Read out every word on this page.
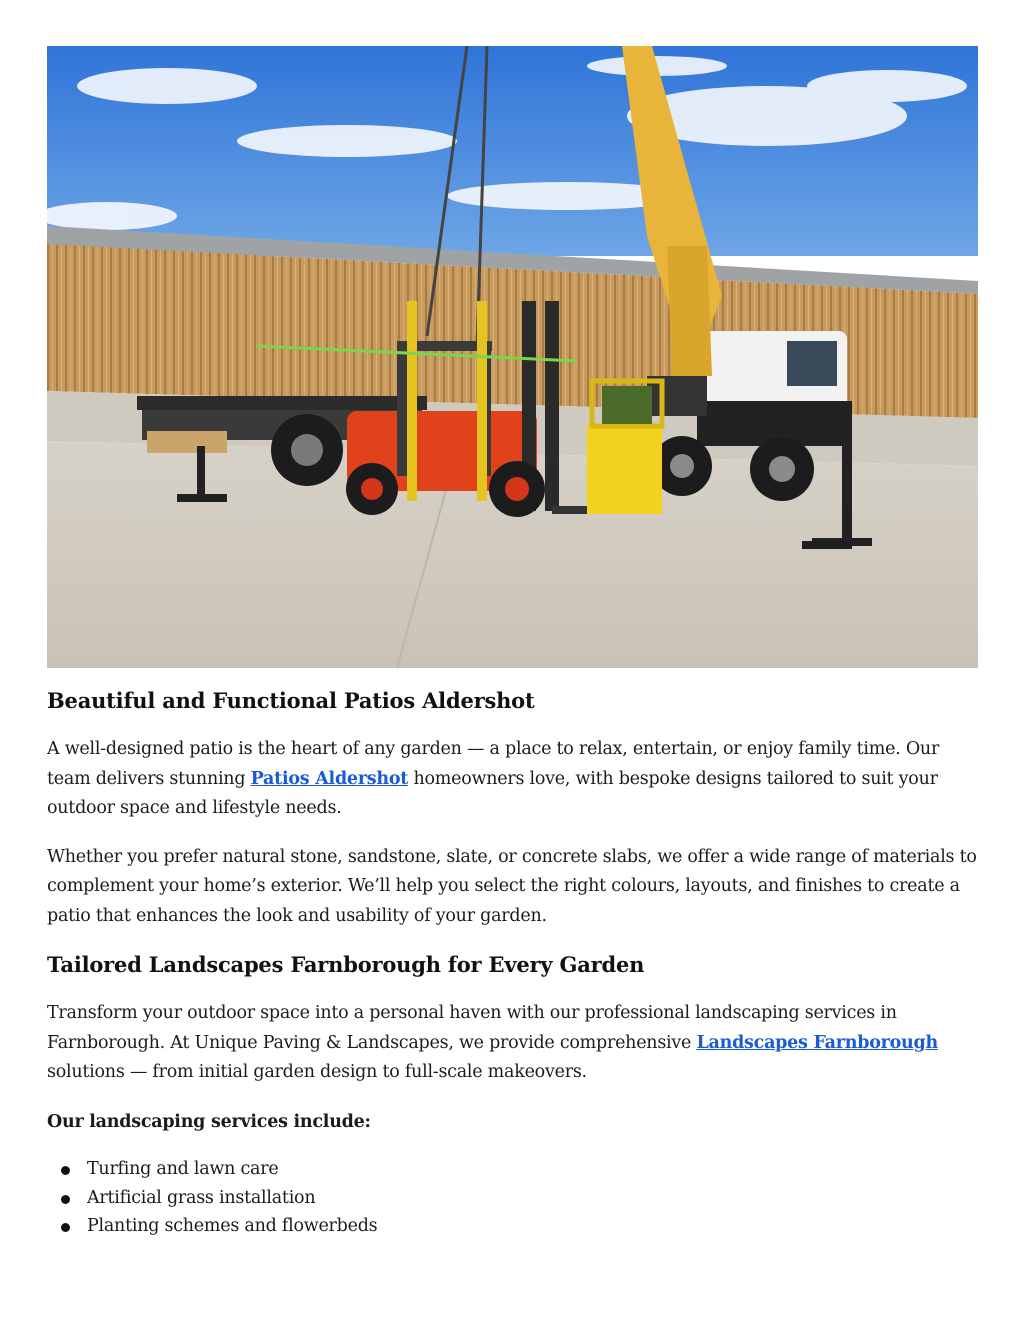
Beautiful and Functional Patios Aldershot

A well-designed patio is the heart of any garden — a place to relax, entertain, or enjoy family time. Our team delivers stunning Patios Aldershot homeowners love, with bespoke designs tailored to suit your outdoor space and lifestyle needs.

Whether you prefer natural stone, sandstone, slate, or concrete slabs, we offer a wide range of materials to complement your home’s exterior. We’ll help you select the right colours, layouts, and finishes to create a patio that enhances the look and usability of your garden.

Tailored Landscapes Farnborough for Every Garden

Transform your outdoor space into a personal haven with our professional landscaping services in Farnborough. At Unique Paving & Landscapes, we provide comprehensive Landscapes Farnborough solutions — from initial garden design to full-scale makeovers.

Our landscaping services include:

Turfing and lawn care
Artificial grass installation
Planting schemes and flowerbeds
